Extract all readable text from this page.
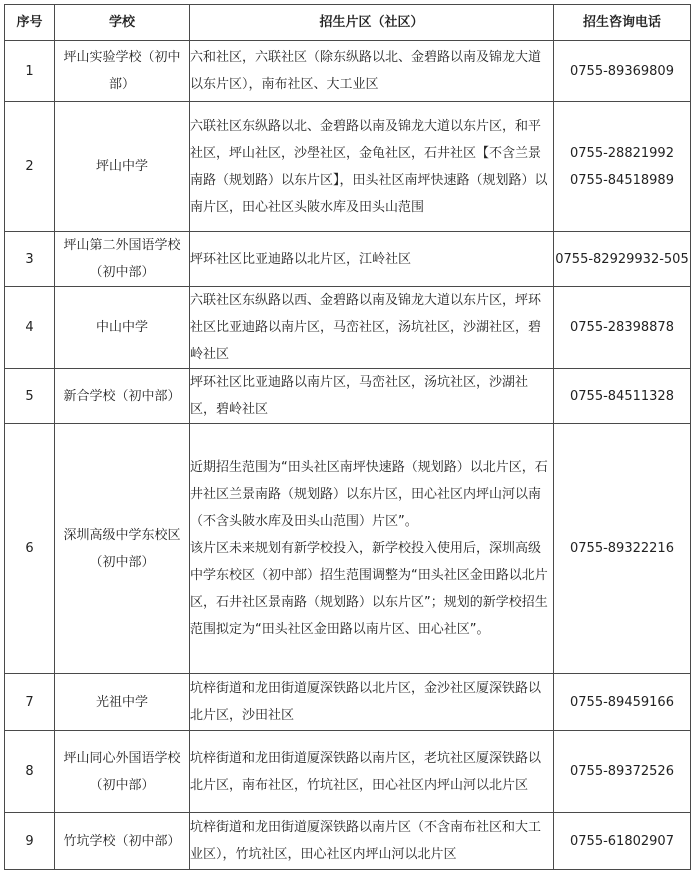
序号	学校	招生片区（社区）	招生咨询电话
1	坪山实验学校（初中部）	六和社区，六联社区（除东纵路以北、金碧路以南及锦龙大道以东片区），南布社区、大工业区	0755-89369809

2	坪山中学	六联社区东纵路以北、金碧路以南及锦龙大道以东片区，和平社区，坪山社区，沙壆社区，金龟社区，石井社区【不含兰景南路（规划路）以东片区】，田头社区南坪快速路（规划路）以南片区，田心社区头陂水库及田头山范围	0755-28821992
0755-84518989

3	坪山第二外国语学校（初中部）	坪环社区比亚迪路以北片区，江岭社区	0755-82929932-505

4	中山中学	六联社区东纵路以西、金碧路以南及锦龙大道以东片区，坪环社区比亚迪路以南片区，马峦社区，汤坑社区，沙湖社区，碧岭社区	0755-28398878

5	新合学校（初中部）	坪环社区比亚迪路以南片区，马峦社区，汤坑社区，沙湖社区，碧岭社区	0755-84511328

6	深圳高级中学东校区（初中部）	近期招生范围为“田头社区南坪快速路（规划路）以北片区，石井社区兰景南路（规划路）以东片区，田心社区内坪山河以南（不含头陂水库及田头山范围）片区”。
该片区未来规划有新学校投入，新学校投入使用后，深圳高级中学东校区（初中部）招生范围调整为“田头社区金田路以北片区，石井社区景南路（规划路）以东片区”；规划的新学校招生范围拟定为“田头社区金田路以南片区、田心社区”。	0755-89322216

7	光祖中学	坑梓街道和龙田街道厦深铁路以北片区，金沙社区厦深铁路以北片区，沙田社区	0755-89459166

8	坪山同心外国语学校（初中部）	坑梓街道和龙田街道厦深铁路以南片区，老坑社区厦深铁路以北片区，南布社区，竹坑社区，田心社区内坪山河以北片区	0755-89372526

9	竹坑学校（初中部）	坑梓街道和龙田街道厦深铁路以南片区（不含南布社区和大工业区），竹坑社区，田心社区内坪山河以北片区	0755-61802907
